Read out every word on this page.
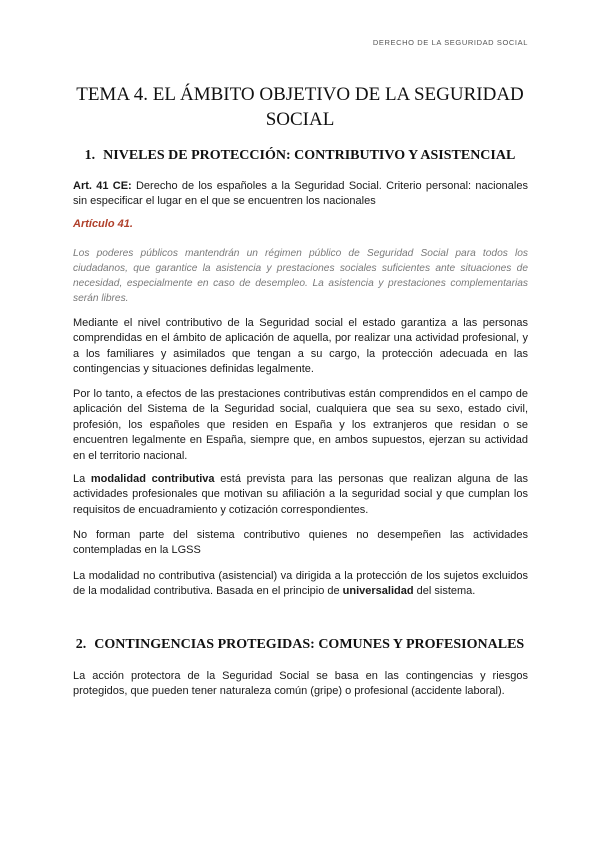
DERECHO DE LA SEGURIDAD SOCIAL
TEMA 4. EL ÁMBITO OBJETIVO DE LA SEGURIDAD
SOCIAL
1. NIVELES DE PROTECCIÓN: CONTRIBUTIVO Y ASISTENCIAL
Art. 41 CE: Derecho de los españoles a la Seguridad Social. Criterio personal: nacionales sin especificar el lugar en el que se encuentren los nacionales
Artículo 41.
Los poderes públicos mantendrán un régimen público de Seguridad Social para todos los ciudadanos, que garantice la asistencia y prestaciones sociales suficientes ante situaciones de necesidad, especialmente en caso de desempleo. La asistencia y prestaciones complementarias serán libres.
Mediante el nivel contributivo de la Seguridad social el estado garantiza a las personas comprendidas en el ámbito de aplicación de aquella, por realizar una actividad profesional, y a los familiares y asimilados que tengan a su cargo, la protección adecuada en las contingencias y situaciones definidas legalmente.
Por lo tanto, a efectos de las prestaciones contributivas están comprendidos en el campo de aplicación del Sistema de la Seguridad social, cualquiera que sea su sexo, estado civil, profesión, los españoles que residen en España y los extranjeros que residan o se encuentren legalmente en España, siempre que, en ambos supuestos, ejerzan su actividad en el territorio nacional.
La modalidad contributiva está prevista para las personas que realizan alguna de las actividades profesionales que motivan su afiliación a la seguridad social y que cumplan los requisitos de encuadramiento y cotización correspondientes.
No forman parte del sistema contributivo quienes no desempeñen las actividades contempladas en la LGSS
La modalidad no contributiva (asistencial) va dirigida a la protección de los sujetos excluidos de la modalidad contributiva. Basada en el principio de universalidad del sistema.
2. CONTINGENCIAS PROTEGIDAS: COMUNES Y PROFESIONALES
La acción protectora de la Seguridad Social se basa en las contingencias y riesgos protegidos, que pueden tener naturaleza común (gripe) o profesional (accidente laboral).
